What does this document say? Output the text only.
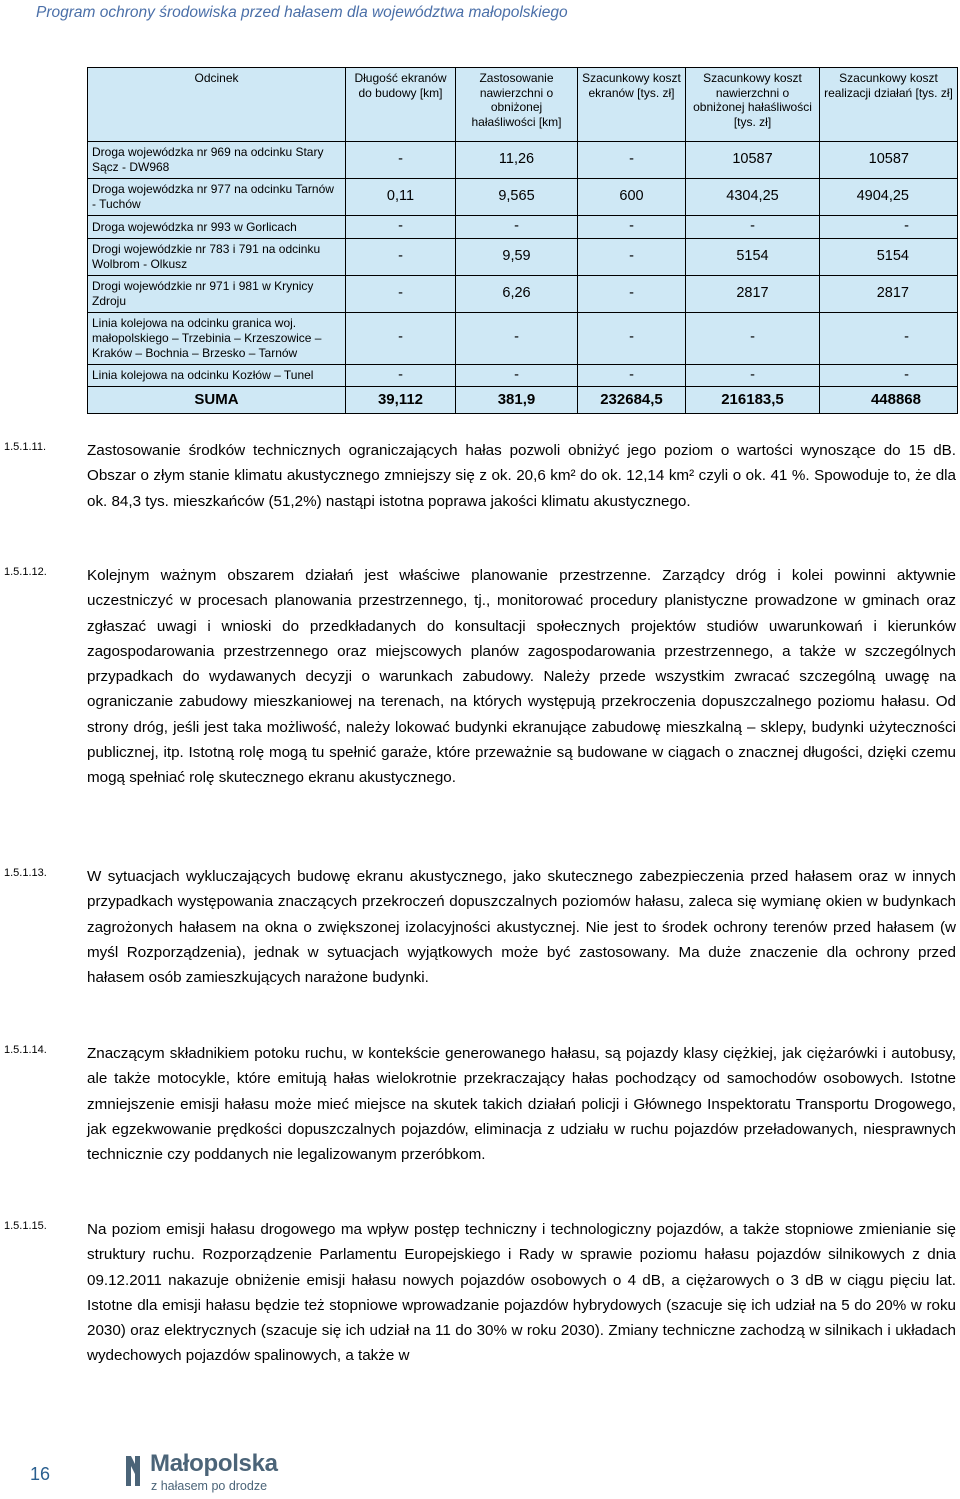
Program ochrony środowiska przed hałasem dla województwa małopolskiego
Odcinek	Długość ekranów do budowy [km]	Zastosowanie nawierzchni o obniżonej hałaśliwości [km]	Szacunkowy koszt ekranów [tys. zł]	Szacunkowy koszt nawierzchni o obniżonej hałaśliwości [tys. zł]	Szacunkowy koszt realizacji działań [tys. zł]
Droga wojewódzka nr 969 na odcinku Stary Sącz - DW968	-	11,26	-	10587	10587
Droga wojewódzka nr 977 na odcinku Tarnów - Tuchów	0,11	9,565	600	4304,25	4904,25
Droga wojewódzka nr 993 w Gorlicach	-	-	-	-	-
Drogi wojewódzkie nr 783 i 791 na odcinku Wolbrom - Olkusz	-	9,59	-	5154	5154
Drogi wojewódzkie nr 971 i 981 w Krynicy Zdroju	-	6,26	-	2817	2817
Linia kolejowa na odcinku granica woj. małopolskiego – Trzebinia – Krzeszowice – Kraków – Bochnia – Brzesko – Tarnów	-	-	-	-	-
Linia kolejowa na odcinku Kozłów – Tunel	-	-	-	-	-
SUMA	39,112	381,9	232684,5	216183,5	448868
1.5.1.11.	Zastosowanie środków technicznych ograniczających hałas pozwoli obniżyć jego poziom o wartości wynoszące do 15 dB. Obszar o złym stanie klimatu akustycznego zmniejszy się z ok. 20,6 km² do ok. 12,14 km² czyli o ok. 41 %. Spowoduje to, że dla ok. 84,3 tys. mieszkańców (51,2%) nastąpi istotna poprawa jakości klimatu akustycznego.
1.5.1.12.	Kolejnym ważnym obszarem działań jest właściwe planowanie przestrzenne. Zarządcy dróg i kolei powinni aktywnie uczestniczyć w procesach planowania przestrzennego, tj., monitorować procedury planistyczne prowadzone w gminach oraz zgłaszać uwagi i wnioski do przedkładanych do konsultacji społecznych projektów studiów uwarunkowań i kierunków zagospodarowania przestrzennego oraz miejscowych planów zagospodarowania przestrzennego, a także w szczególnych przypadkach do wydawanych decyzji o warunkach zabudowy. Należy przede wszystkim zwracać szczególną uwagę na ograniczanie zabudowy mieszkaniowej na terenach, na których występują przekroczenia dopuszczalnego poziomu hałasu. Od strony dróg, jeśli jest taka możliwość, należy lokować budynki ekranujące zabudowę mieszkalną – sklepy, budynki użyteczności publicznej, itp. Istotną rolę mogą tu spełnić garaże, które przeważnie są budowane w ciągach o znacznej długości, dzięki czemu mogą spełniać rolę skutecznego ekranu akustycznego.
1.5.1.13.	W sytuacjach wykluczających budowę ekranu akustycznego, jako skutecznego zabezpieczenia przed hałasem oraz w innych przypadkach występowania znaczących przekroczeń dopuszczalnych poziomów hałasu, zaleca się wymianę okien w budynkach zagrożonych hałasem na okna o zwiększonej izolacyjności akustycznej. Nie jest to środek ochrony terenów przed hałasem (w myśl Rozporządzenia), jednak w sytuacjach wyjątkowych może być zastosowany. Ma duże znaczenie dla ochrony przed hałasem osób zamieszkujących narażone budynki.
1.5.1.14.	Znaczącym składnikiem potoku ruchu, w kontekście generowanego hałasu, są pojazdy klasy ciężkiej, jak ciężarówki i autobusy, ale także motocykle, które emitują hałas wielokrotnie przekraczający hałas pochodzący od samochodów osobowych. Istotne zmniejszenie emisji hałasu może mieć miejsce na skutek takich działań policji i Głównego Inspektoratu Transportu Drogowego, jak egzekwowanie prędkości dopuszczalnych pojazdów, eliminacja z udziału w ruchu pojazdów przeładowanych, niesprawnych technicznie czy poddanych nie legalizowanym przeróbkom.
1.5.1.15.	Na poziom emisji hałasu drogowego ma wpływ postęp techniczny i technologiczny pojazdów, a także stopniowe zmienianie się struktury ruchu. Rozporządzenie Parlamentu Europejskiego i Rady w sprawie poziomu hałasu pojazdów silnikowych z dnia 09.12.2011 nakazuje obniżenie emisji hałasu nowych pojazdów osobowych o 4 dB, a ciężarowych o 3 dB w ciągu pięciu lat. Istotne dla emisji hałasu będzie też stopniowe wprowadzanie pojazdów hybrydowych (szacuje się ich udział na 5 do 20% w roku 2030) oraz elektrycznych (szacuje się ich udział na 11 do 30% w roku 2030). Zmiany techniczne zachodzą w silnikach i układach wydechowych pojazdów spalinowych, a także w
16	Małopolska
z hałasem po drodze
